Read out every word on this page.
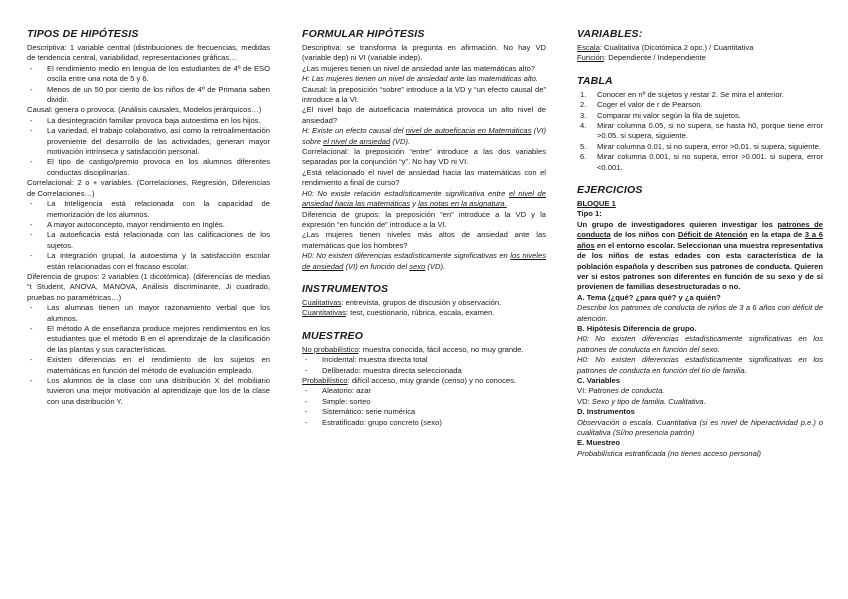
TIPOS DE HIPÓTESIS

Descriptiva: 1 variable central (distribuciones de frecuencias, medidas de tendencia central, variabilidad, representaciones gráficas…

- El rendimiento medio en lengua de los estudiantes de 4º de ESO oscila entre una nota de 5 y 6.
- Menos de un 50 por ciento de los niños de 4º de Primaria saben dividir.

Causal: genera o provoca. (Análisis causales, Modelos jerárquicos…)

- La desintegración familiar provoca baja autoestima en los hijos.
- La variedad, el trabajo colaborativo, así como la retroalimentación proveniente del desarrollo de las actividades, generan mayor motivación intrínseca y satisfacción personal.
- El tipo de castigo/premio provoca en los alumnos diferentes conductas disciplinarias.

Correlacional: 2 o + variables. (Correlaciones, Regresión, Diferencias de Correlaciones…)

- La Inteligencia está relacionada con la capacidad de memorización de los alumnos.
- A mayor autoconcepto, mayor rendimiento en Inglés.
- La autoeficacia está relacionada con las calificaciones de los sujetos.
- La integración grupal, la autoestima y la satisfacción escolar están relacionadas con el fracaso escolar.

Diferencia de grupos: 2 variables (1 dicotómica). (diferencias de medias “t Student, ANOVA, MANOVA, Análisis discriminante, Ji cuadrado, pruebas no paramétricas…)

- Las alumnas tienen un mayor razonamiento verbal que los alumnos.
- El método A de enseñanza produce mejores rendimientos en los estudiantes que el método B en el aprendizaje de la clasificación de las plantas y sus características.
- Existen diferencias en el rendimiento de los sujetos en matemáticas en función del método de evaluación empleado.
- Los alumnos de la clase con una distribución X del mobiliario tuvieron una mejor motivación al aprendizaje que los de la clase con una distribución Y.
FORMULAR HIPÓTESIS

Descriptiva: se transforma la pregunta en afirmación. No hay VD (variable dep) ni VI (variable indep).

¿Las mujeres tienen un nivel de ansiedad ante las matemáticas alto?

H: Las mujeres tienen un nivel de ansiedad ante las matemáticas alto.

Causal: la preposición “sobre” introduce a la VD y “un efecto causal de” introduce a la VI.

¿El nivel bajo de autoeficacia matemática provoca un alto nivel de ansiedad?

H: Existe un efecto causal del nivel de autoeficacia en Matemáticas (VI) sobre el nivel de ansiedad (VD).

Correlacional: la preposición “entre” introduce a las dos variables separadas por la conjunción “y”. No hay VD ni VI.

¿Está relacionado el nivel de ansiedad hacia las matemáticas con el rendimiento a final de curso?

H0: No existe relación estadísticamente significativa entre el nivel de ansiedad hacia las matemáticas y las notas en la asignatura.

Diferencia de grupos: la preposición “en” introduce a la VD y la expresión “en función de” introduce a la VI.

¿Las mujeres tienen niveles más altos de ansiedad ante las matemáticas que los hombres?

H0: No existen diferencias estadísticamente significativas en los niveles de ansiedad (VI) en función del sexo (VD).

INSTRUMENTOS

Cualitativas: entrevista, grupos de discusión y observación.

Cuantitativas: test, cuestionario, rúbrica, escala, examen.

MUESTREO

No probabilístico: muestra conocida, fácil acceso, no muy grande.

- Incidental: muestra directa total
- Deliberado: muestra directa seleccionada

Probabilístico: difícil acceso, muy grande (censo) y no conoces.

- Aleatorio: azar
- Simple: sorteo
- Sistemático: serie numérica
- Estratificado: grupo concreto (sexo)
VARIABLES:

Escala: Cualitativa (Dicotómica 2 opc.) / Cuantitativa

Función: Dependiente / Independiente

TABLA
1. Conocer en nº de sujetos y restar 2. Se mira el anterior.
2. Coger el valor de r de Pearson.
3. Comparar mi valor según la fila de sujetos.
4. Mirar columna 0.05, si no supera, se hasta h0, porque tiene error >0.05. si supera, siguiente.
5. Mirar columna 0.01, si no supera, error >0.01. si supera, siguiente.
6. Mirar columna 0.001, si no supera, error >0.001. si supera, error <0.001.
EJERCICIOS

BLOQUE 1

Tipo 1:

Un grupo de investigadores quieren investigar los patrones de conducta de los niños con Déficit de Atención en la etapa de 3 a 6 años en el entorno escolar. Seleccionan una muestra representativa de los niños de estas edades con esta característica de la población española y describen sus patrones de conducta. Quieren ver si estos patrones son diferentes en función de su sexo y de si provienen de familias desestructuradas o no.

A. Tema (¿qué? ¿para qué? y ¿a quién?

Describir los patrones de conducta de niños de 3 a 6 años con déficit de atención.

B. Hipótesis Diferencia de grupo.

H0: No existen diferencias estadísticamente significativas en los patrones de conducta en función del sexo.

H0: No existen diferencias estadísticamente significativas en los patrones de conducta en función del tío de familia.

C. Variables

VI: Patrones de conducta.

VD: Sexo y tipo de familia. Cualitativa.

D. Instrumentos

Observación o escala. Cuantitativa (si es nivel de hiperactividad p.e.) o cualitativa (Sí/no presencia patrón)

E. Muestreo

Probabilística estratificada (no tienes acceso personal)
